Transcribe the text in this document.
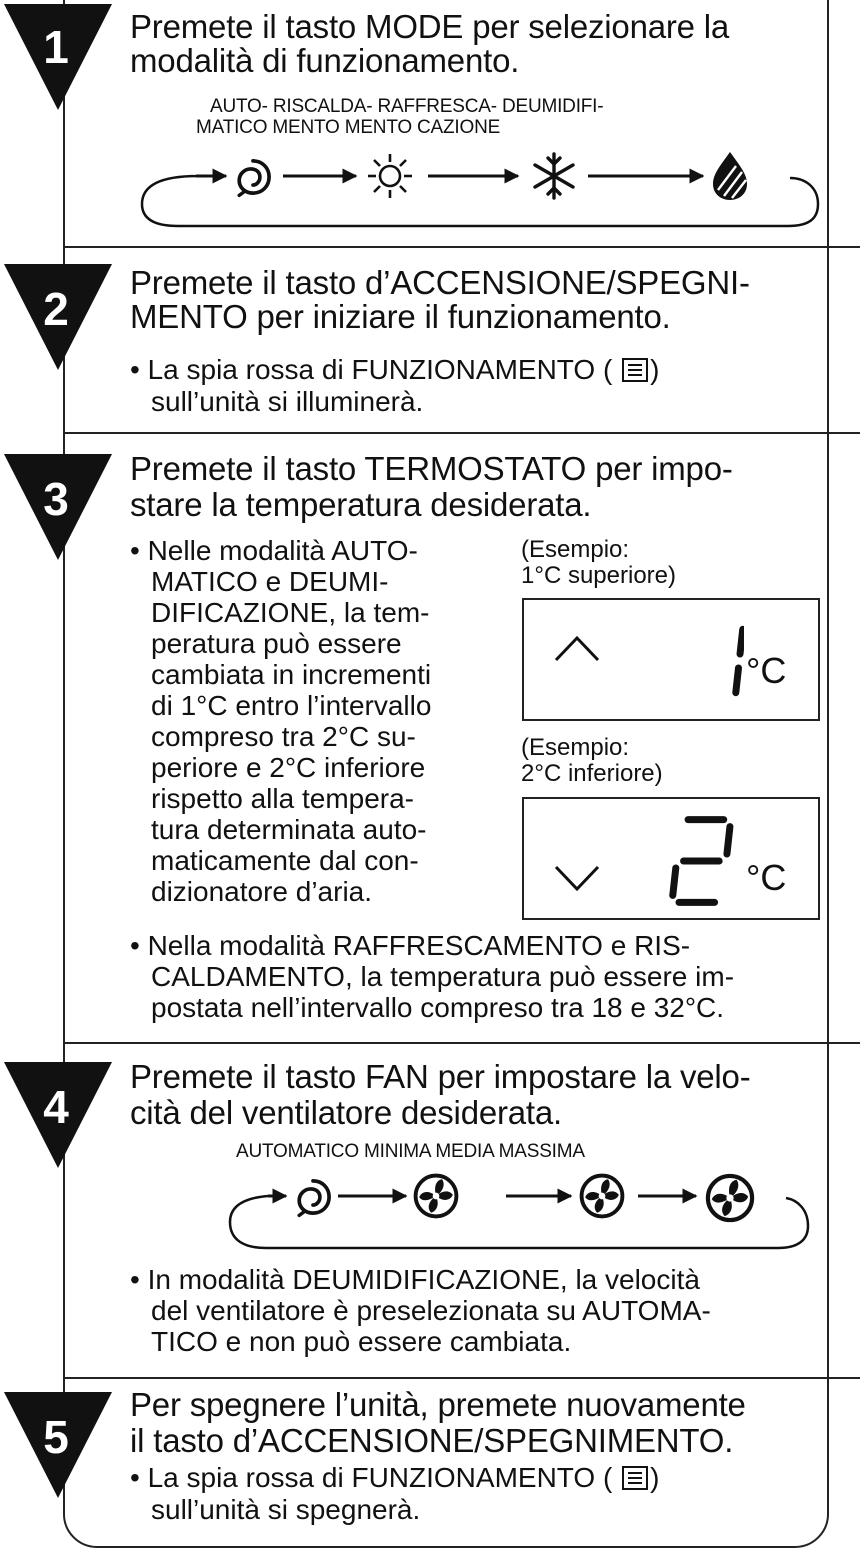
1 Premete il tasto MODE per selezionare la

modalità di funzionamento.

AUTO- RISCALDA- RAFFRESCA- DEUMIDIFI-

MATICO MENTO MENTO CAZIONE

2

Premete il tasto d’ACCENSIONE/SPEGNI-

MENTO per iniziare il funzionamento.

• La spia rossa di FUNZIONAMENTO ( )

sull’unità si illuminerà.

3

Premete il tasto TERMOSTATO per impo-

stare la temperatura desiderata.

• Nelle modalità AUTO-

MATICO e DEUMI-

DIFICAZIONE, la tem-

peratura può essere

cambiata in incrementi

di 1°C entro l’intervallo

compreso tra 2°C su-

periore e 2°C inferiore

rispetto alla tempera-

tura determinata auto-

maticamente dal con-

dizionatore d’aria.

(Esempio:

1°C superiore)

°C

(Esempio:

2°C inferiore)

°C

• Nella modalità RAFFRESCAMENTO e RIS-

CALDAMENTO, la temperatura può essere im-

postata nell’intervallo compreso tra 18 e 32°C.

4

Premete il tasto FAN per impostare la velo-

cità del ventilatore desiderata.

AUTOMATICO MINIMA MEDIA MASSIMA

• In modalità DEUMIDIFICAZIONE, la velocità

del ventilatore è preselezionata su AUTOMA-

TICO e non può essere cambiata.

5

Per spegnere l’unità, premete nuovamente

il tasto d’ACCENSIONE/SPEGNIMENTO.

• La spia rossa di FUNZIONAMENTO ( )

sull’unità si spegnerà.
